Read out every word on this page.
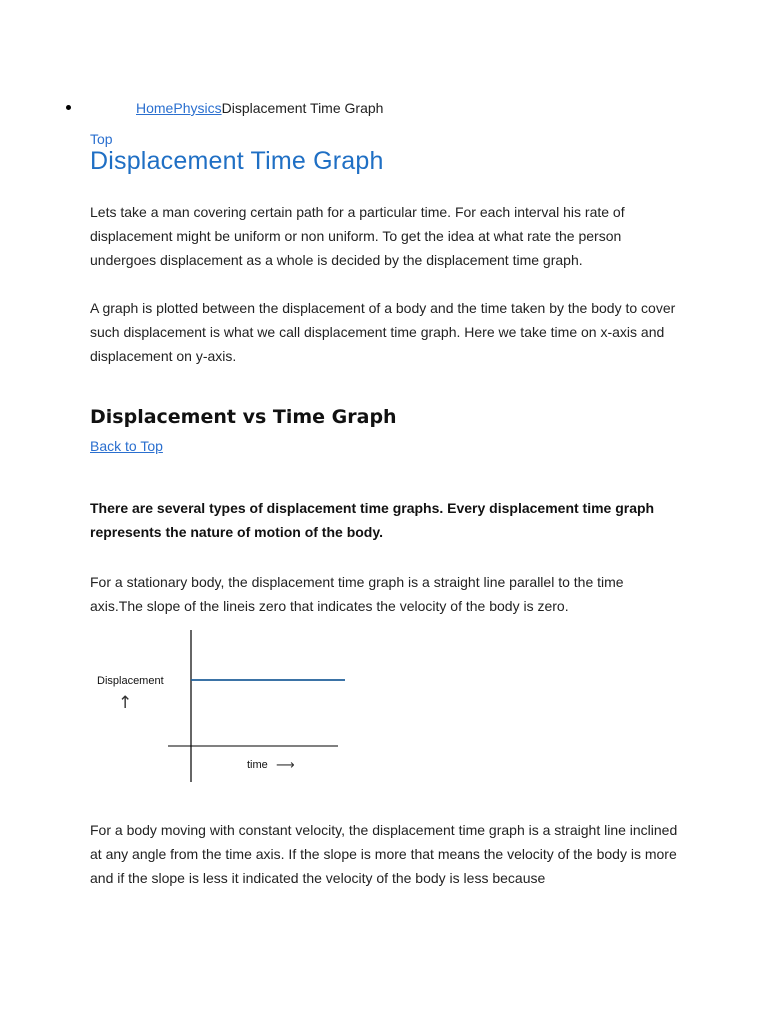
HomePhysicsDisplacement Time Graph
Top
Displacement Time Graph

Lets take a man covering certain path for a particular time. For each interval his rate of displacement might be uniform or non uniform. To get the idea at what rate the person undergoes displacement as a whole is decided by the displacement time graph.

A graph is plotted between the displacement of a body and the time taken by the body to cover such displacement is what we call displacement time graph. Here we take time on x-axis and displacement on y-axis.

Displacement vs Time Graph
Back to Top

There are several types of displacement time graphs. Every displacement time graph represents the nature of motion of the body.

For a stationary body, the displacement time graph is a straight line parallel to the time axis.The slope of the lineis zero that indicates the velocity of the body is zero.

Displacement
↑
time ⟶

For a body moving with constant velocity, the displacement time graph is a straight line inclined at any angle from the time axis. If the slope is more that means the velocity of the body is more and if the slope is less it indicated the velocity of the body is less because
